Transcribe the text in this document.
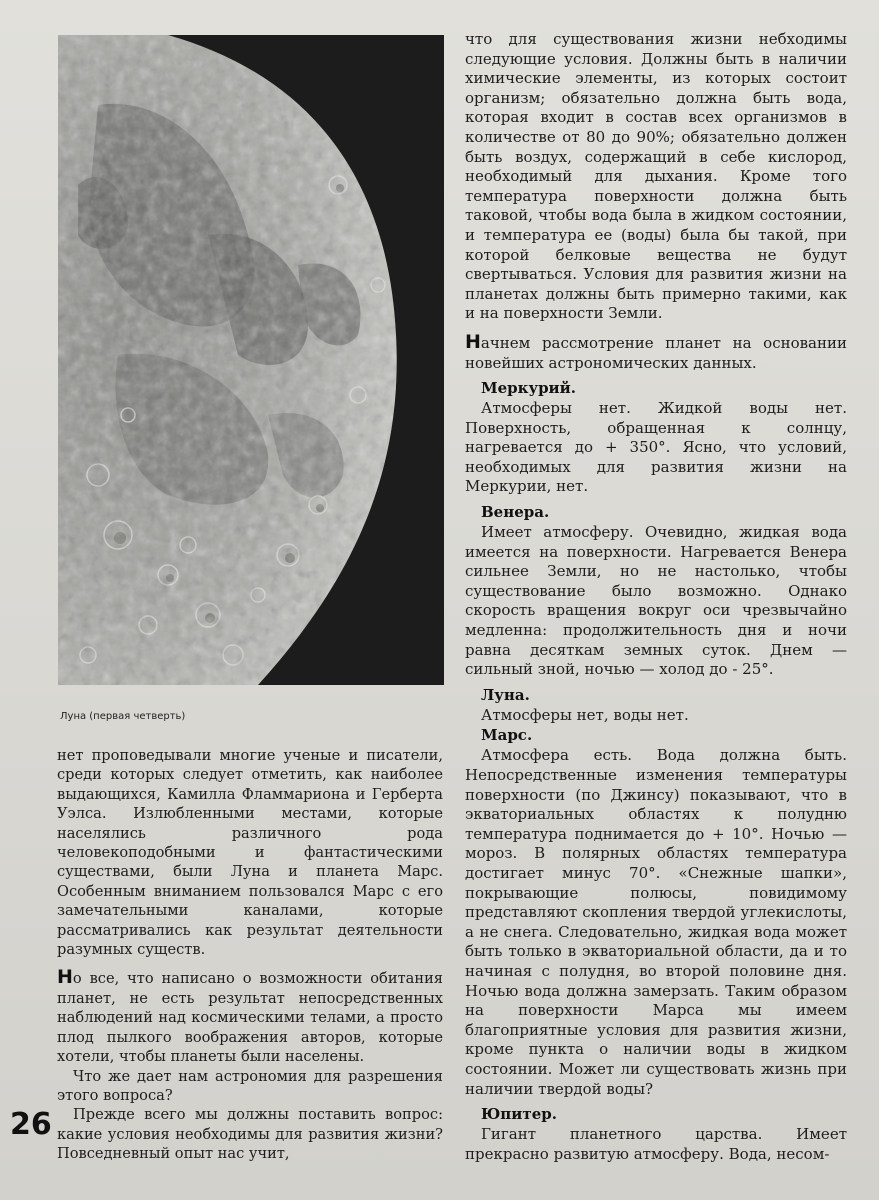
Луна (первая четверть)

нет проповедывали многие ученые и писатели, среди которых следует отметить, как наиболее выдающихся, Камилла Фламмариона и Герберта Уэлса. Излюбленными местами, которые населялись различного рода человекоподобными и фантастическими существами, были Луна и планета Марс. Особенным вниманием пользовался Марс с его замечательными каналами, которые рассматривались как результат деятельности разумных существ.

Но все, что написано о возможности обитания планет, не есть результат непосредственных наблюдений над космическими телами, а просто плод пылкого воображения авторов, которые хотели, чтобы планеты были населены.

Что же дает нам астрономия для разрешения этого вопроса?

Прежде всего мы должны поставить вопрос: какие условия необходимы для развития жизни? Повседневный опыт нас учит,

что для существования жизни небходимы следующие условия. Должны быть в наличии химические элементы, из которых состоит организм; обязательно должна быть вода, которая входит в состав всех организмов в количестве от 80 до 90%; обязательно должен быть воздух, содержащий в себе кислород, необходимый для дыхания. Кроме того температура поверхности должна быть таковой, чтобы вода была в жидком состоянии, и температура ее (воды) была бы такой, при которой белковые вещества не будут свертываться. Условия для развития жизни на планетах должны быть примерно такими, как и на поверхности Земли.

Начнем рассмотрение планет на основании новейших астрономических данных.

Меркурий.

Атмосферы нет. Жидкой воды нет. Поверхность, обращенная к солнцу, нагревается до + 350°. Ясно, что условий, необходимых для развития жизни на Меркурии, нет.

Венера.

Имеет атмосферу. Очевидно, жидкая вода имеется на поверхности. Нагревается Венера сильнее Земли, но не настолько, чтобы существование было возможно. Однако скорость вращения вокруг оси чрезвычайно медленна: продолжительность дня и ночи равна десяткам земных суток. Днем — сильный зной, ночью — холод до - 25°.

Луна.

Атмосферы нет, воды нет.

Марс.

Атмосфера есть. Вода должна быть. Непосредственные изменения температуры поверхности (по Джинсу) показывают, что в экваториальных областях к полудню температура поднимается до + 10°. Ночью — мороз. В полярных областях температура достигает минус 70°. «Снежные шапки», покрывающие полюсы, повидимому представляют скопления твердой углекислоты, а не снега. Следовательно, жидкая вода может быть только в экваториальной области, да и то начиная с полудня, во второй половине дня. Ночью вода должна замерзать. Таким образом на поверхности Марса мы имеем благоприятные условия для развития жизни, кроме пункта о наличии воды в жидком состоянии. Может ли существовать жизнь при наличии твердой воды?

Юпитер.

Гигант планетного царства. Имеет прекрасно развитую атмосферу. Вода, несом-

26
